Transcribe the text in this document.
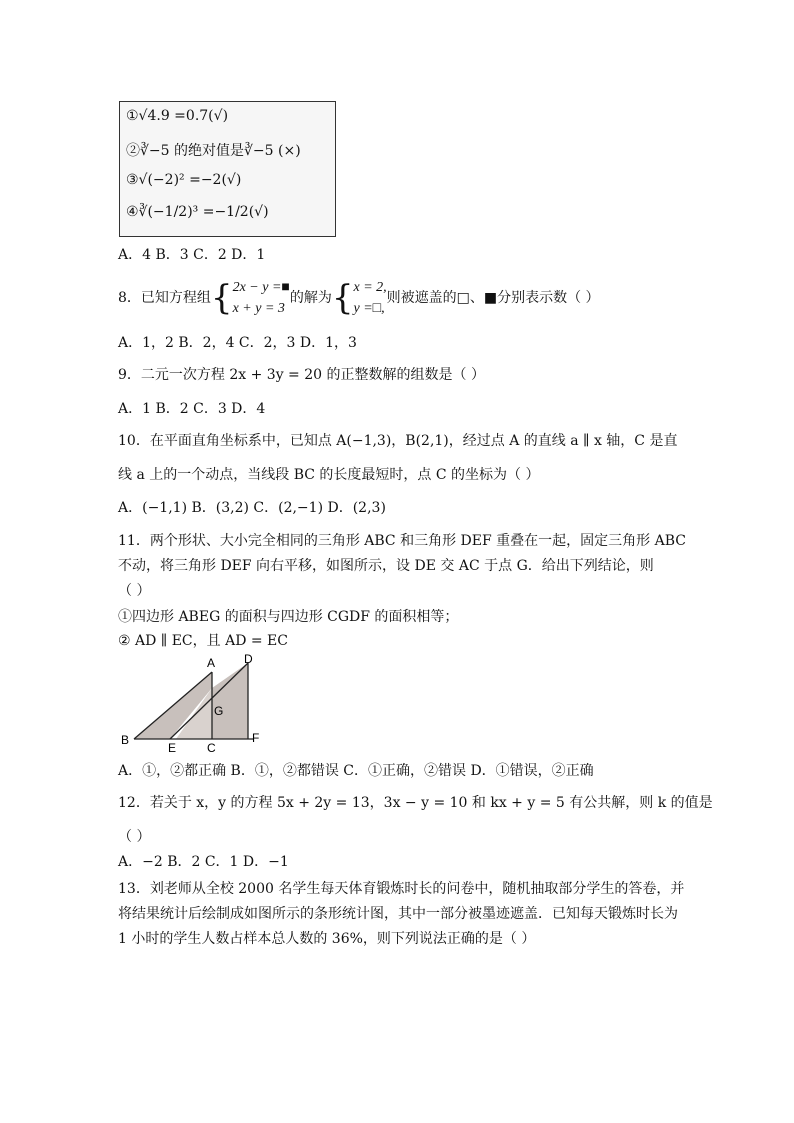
①√4.9 =0.7(√)
②∛−5 的绝对值是∛−5 (×)
③√(−2)² =−2(√)
④∛(−1/2)³ =−1/2(√)
A．4 B．3 C．2 D．1
8．已知方程组{2x − y =■
x + y = 3的解为{x = 2,
y =□,则被遮盖的□、■分别表示数（ ）
A．1，2 B．2，4 C．2，3 D．1，3
9．二元一次方程 2x + 3y = 20 的正整数解的组数是（ ）
A．1 B．2 C．3 D．4
10．在平面直角坐标系中，已知点 A(−1,3)，B(2,1)，经过点 A 的直线 a ∥ x 轴，C 是直
线 a 上的一个动点，当线段 BC 的长度最短时，点 C 的坐标为（ ）
A．(−1,1) B．(3,2) C．(2,−1) D．(2,3)
11．两个形状、大小完全相同的三角形 ABC 和三角形 DEF 重叠在一起，固定三角形 ABC
不动，将三角形 DEF 向右平移，如图所示，设 DE 交 AC 于点 G．给出下列结论，则
（ ）
①四边形 ABEG 的面积与四边形 CGDF 的面积相等；
② AD ∥ EC，且 AD = EC
A D
G
B
E	C
F
A．①，②都正确 B．①，②都错误 C．①正确，②错误 D．①错误，②正确
12．若关于 x，y 的方程 5x + 2y = 13，3x − y = 10 和 kx + y = 5 有公共解，则 k 的值是
（ ）
A．−2 B．2 C．1 D．−1
13．刘老师从全校 2000 名学生每天体育锻炼时长的问卷中，随机抽取部分学生的答卷，并
将结果统计后绘制成如图所示的条形统计图，其中一部分被墨迹遮盖．已知每天锻炼时长为
1 小时的学生人数占样本总人数的 36%，则下列说法正确的是（ ）
